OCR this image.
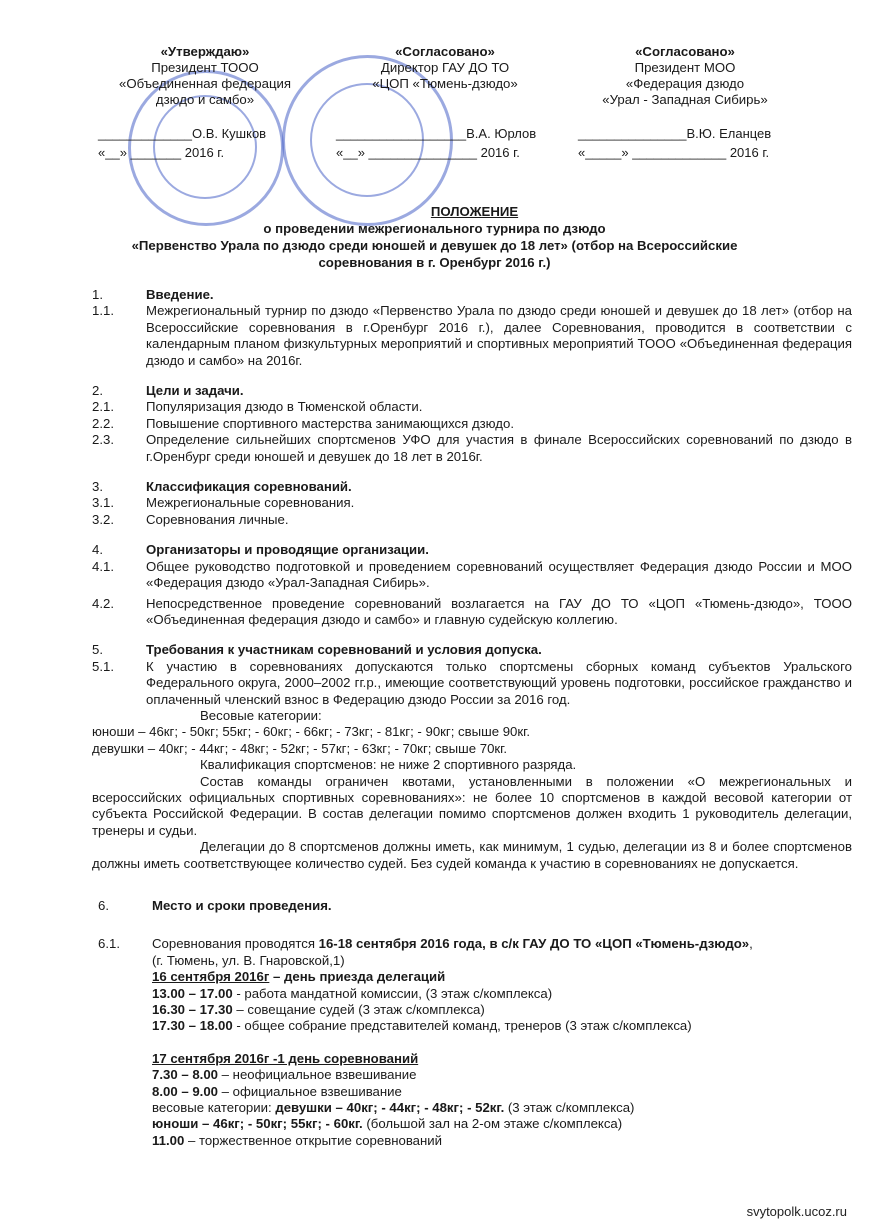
«Утверждаю»
Президент ТООО
«Объединенная федерация
дзюдо и самбо»
«Согласовано»
Директор ГАУ ДО ТО
«ЦОП «Тюмень-дзюдо»
«Согласовано»
Президент МОО
«Федерация дзюдо
«Урал - Западная Сибирь»
_____________О.В. Кушков
«__» _______ 2016 г.
__________________В.А. Юрлов
«__» _______________ 2016 г.
_______________В.Ю. Еланцев
«_____» _____________ 2016 г.
ПОЛОЖЕНИЕ
о проведении межрегионального турнира по дзюдо
«Первенство Урала по дзюдо среди юношей и девушек до 18 лет» (отбор на Всероссийские
соревнования в г. Оренбург 2016 г.)
1.	Введение.
1.1.	Межрегиональный турнир по дзюдо «Первенство Урала по дзюдо среди юношей и девушек до 18 лет» (отбор на Всероссийские соревнования в г.Оренбург 2016 г.), далее Соревнования, проводится в соответствии с календарным планом физкультурных мероприятий и спортивных мероприятий ТООО «Объединенная федерация дзюдо и самбо» на 2016г.
2.	Цели и задачи.
2.1.	Популяризация дзюдо в Тюменской области.
2.2.	Повышение спортивного мастерства занимающихся дзюдо.
2.3.	Определение сильнейших спортсменов УФО для участия в финале Всероссийских соревнований по дзюдо в г.Оренбург среди юношей и девушек до 18 лет в 2016г.
3.	Классификация соревнований.
3.1.	Межрегиональные соревнования.
3.2.	Соревнования личные.
4.	Организаторы и проводящие организации.
4.1.	Общее руководство подготовкой и проведением соревнований осуществляет Федерация дзюдо России и МОО «Федерация дзюдо «Урал-Западная Сибирь».
4.2.	Непосредственное проведение соревнований возлагается на ГАУ ДО ТО «ЦОП «Тюмень-дзюдо», ТООО «Объединенная федерация дзюдо и самбо» и главную судейскую коллегию.
5.	Требования к участникам соревнований и условия допуска.
5.1.	К участию в соревнованиях допускаются только спортсмены сборных команд субъектов Уральского Федерального округа, 2000–2002 гг.р., имеющие соответствующий уровень подготовки, российское гражданство и оплаченный членский взнос в Федерацию дзюдо России за 2016 год.
Весовые категории:
юноши – 46кг; - 50кг; 55кг; - 60кг; - 66кг; - 73кг; - 81кг; - 90кг; свыше 90кг.
девушки – 40кг; - 44кг; - 48кг; - 52кг; - 57кг; - 63кг; - 70кг; свыше 70кг.
Квалификация спортсменов: не ниже 2 спортивного разряда.
Состав команды ограничен квотами, установленными в положении «О межрегиональных и всероссийских официальных спортивных соревнованиях»: не более 10 спортсменов в каждой весовой категории от субъекта Российской Федерации. В состав делегации помимо спортсменов должен входить 1 руководитель делегации, тренеры и судьи.
Делегации до 8 спортсменов должны иметь, как минимум, 1 судью, делегации из 8 и более спортсменов должны иметь соответствующее количество судей. Без судей команда к участию в соревнованиях не допускается.
6.	Место и сроки проведения.
6.1.	Соревнования проводятся 16-18 сентября 2016 года, в с/к ГАУ ДО ТО «ЦОП «Тюмень-дзюдо»,
(г. Тюмень, ул. В. Гнаровской,1)
16 сентября 2016г – день приезда делегаций
13.00 – 17.00 - работа мандатной комиссии, (3 этаж с/комплекса)
16.30 – 17.30 – совещание судей (3 этаж с/комплекса)
17.30 – 18.00 - общее собрание представителей команд, тренеров (3 этаж с/комплекса)
17 сентября 2016г -1 день соревнований
7.30 – 8.00 – неофициальное взвешивание
8.00 – 9.00 – официальное взвешивание
весовые категории: девушки – 40кг; - 44кг; - 48кг; - 52кг. (3 этаж с/комплекса)
юноши – 46кг; - 50кг; 55кг; - 60кг. (большой зал на 2-ом этаже с/комплекса)
11.00 – торжественное открытие соревнований
svytopolk.ucoz.ru
